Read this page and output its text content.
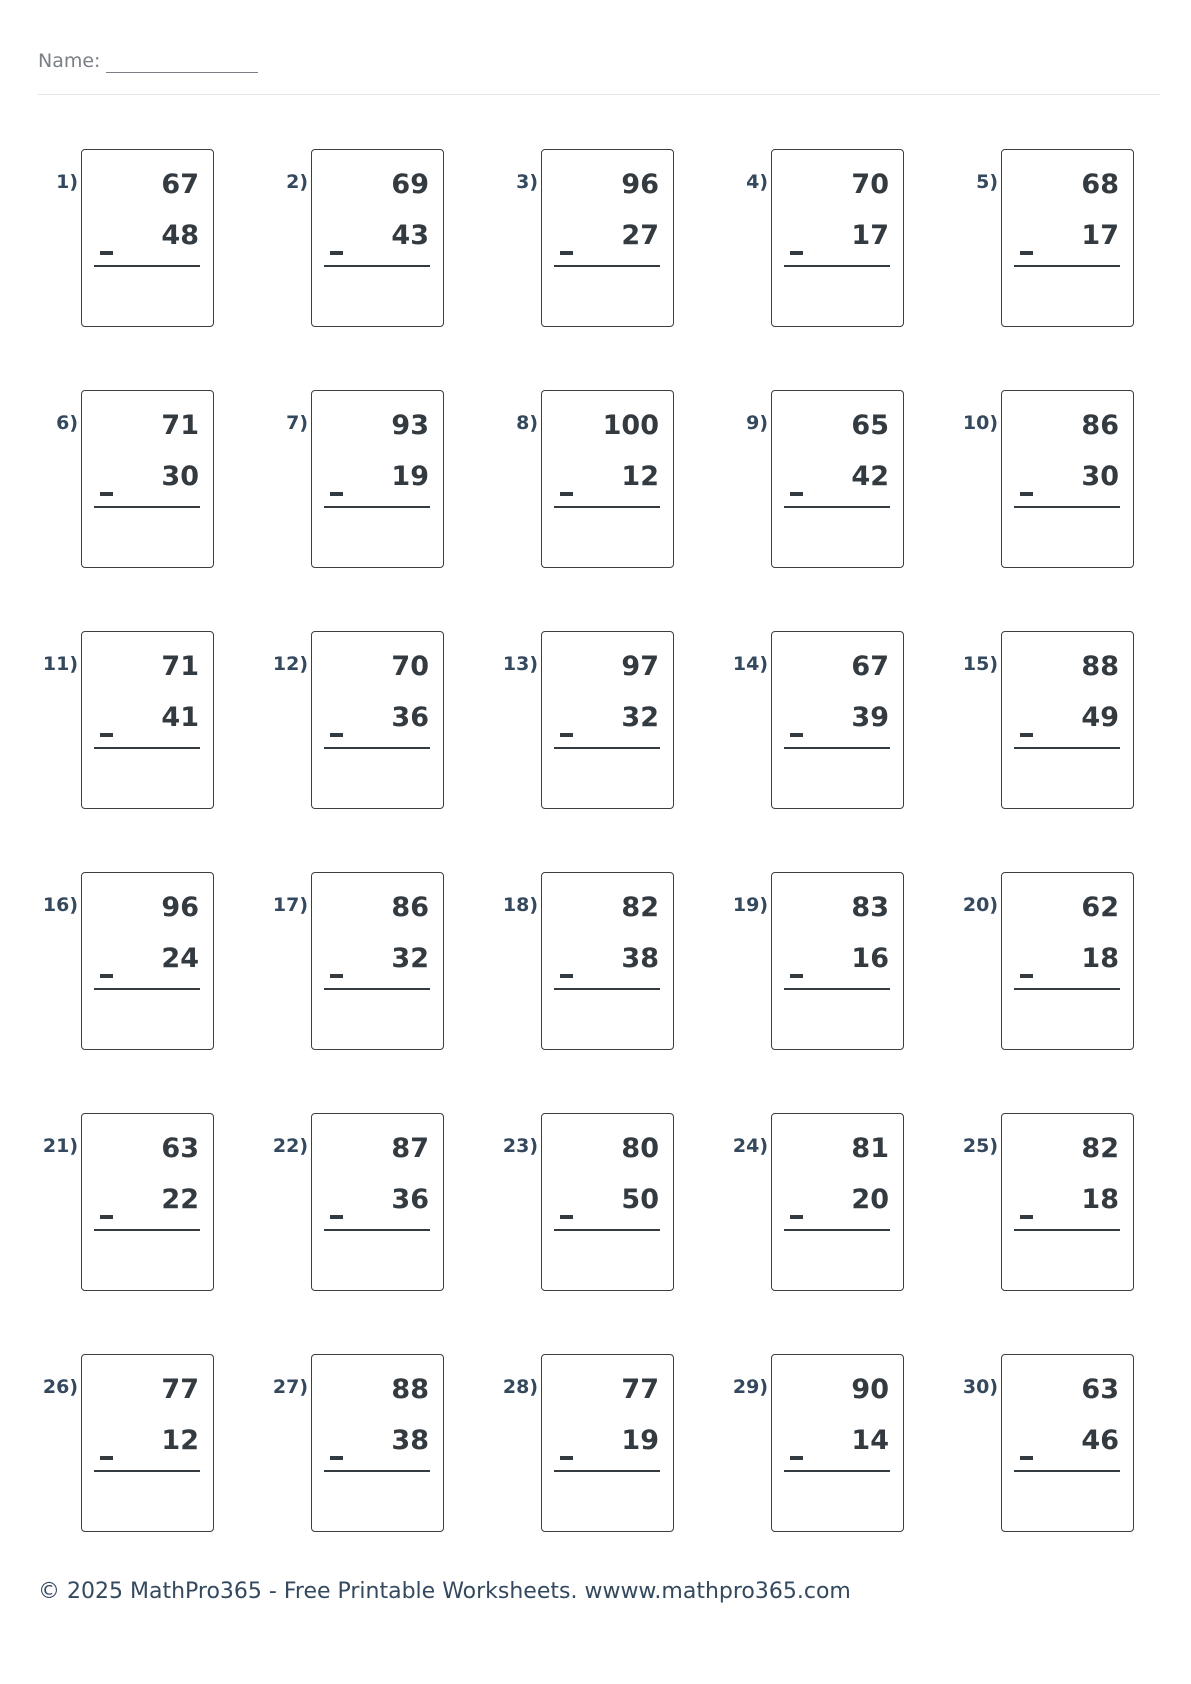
Name:
1)	67
48
2)	69
43
3)	96
27
4)	70
17
5)	68
17
6)	71
30
7)	93
19
8) 100
12
9)	65
42
10)	86
30
11)	71
41
12)	70
36
13)	97
32
14)	67
39
15)	88
49
16)	96
24
17)	86
32
18)	82
38
19)	83
16
20)	62
18
21)	63
22
22)	87
36
23)	80
50
24)	81
20
25)	82
18
26)	77
12
27)	88
38
28)	77
19
29)	90
14
30)	63
46
© 2025 MathPro365 - Free Printable Worksheets. wwww.mathpro365.com
